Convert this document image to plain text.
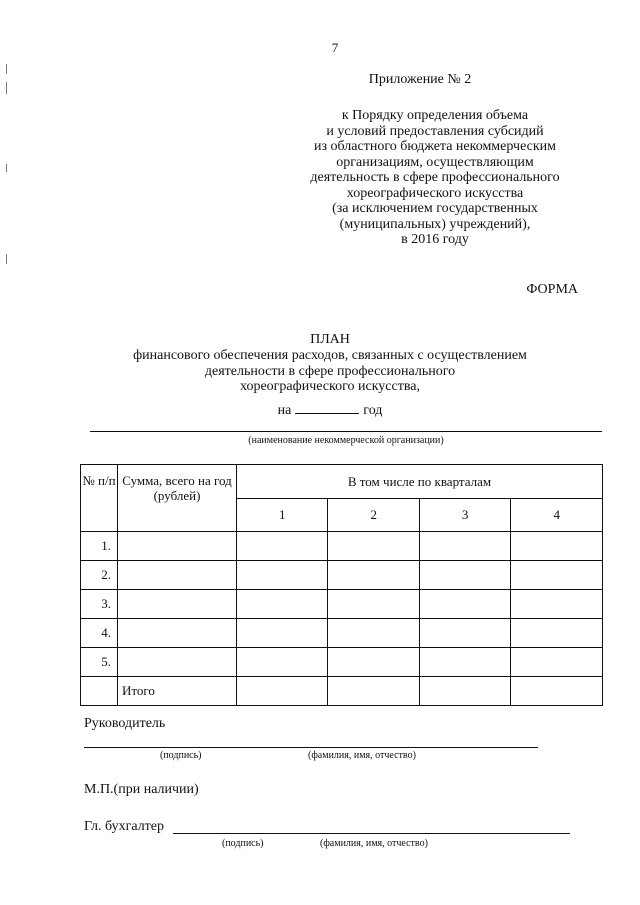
7
Приложение № 2
к Порядку определения объема
и условий предоставления субсидий
из областного бюджета некоммерческим
организациям, осуществляющим
деятельность в сфере профессионального
хореографического искусства
(за исключением государственных
(муниципальных) учреждений),
в 2016 году
ФОРМА
ПЛАН
финансового обеспечения расходов, связанных с осуществлением
деятельности в сфере профессионального
хореографического искусства,
на	год
(наименование некоммерческой организации)
№ п/п	Сумма, всего на год (рублей)	В том числе по кварталам			
		1	2	3	4
1.					
2.					
3.					
4.					
5.					
	Итого				
Руководитель
(подпись)	(фамилия, имя, отчество)
М.П.(при наличии)
Гл. бухгалтер
(подпись)	(фамилия, имя, отчество)
